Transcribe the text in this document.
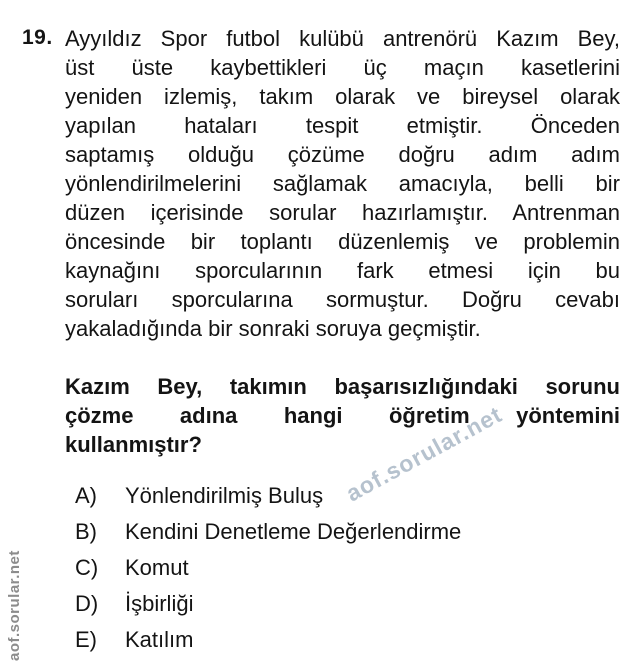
aof.sorular.net
aof.sorular.net
19. Ayyıldız Spor futbol kulübü antrenörü Kazım Bey,
üst üste kaybettikleri üç maçın kasetlerini
yeniden izlemiş, takım olarak ve bireysel olarak
yapılan hataları tespit etmiştir. Önceden
saptamış olduğu çözüme doğru adım adım
yönlendirilmelerini sağlamak amacıyla, belli bir
düzen içerisinde sorular hazırlamıştır. Antrenman
öncesinde bir toplantı düzenlemiş ve problemin
kaynağını sporcularının fark etmesi için bu
soruları sporcularına sormuştur. Doğru cevabı
yakaladığında bir sonraki soruya geçmiştir.
Kazım Bey, takımın başarısızlığındaki sorunu
çözme adına hangi öğretim yöntemini
kullanmıştır?
A)	Yönlendirilmiş Buluş
B)	Kendini Denetleme Değerlendirme
C)	Komut
D)	İşbirliği
E)	Katılım
